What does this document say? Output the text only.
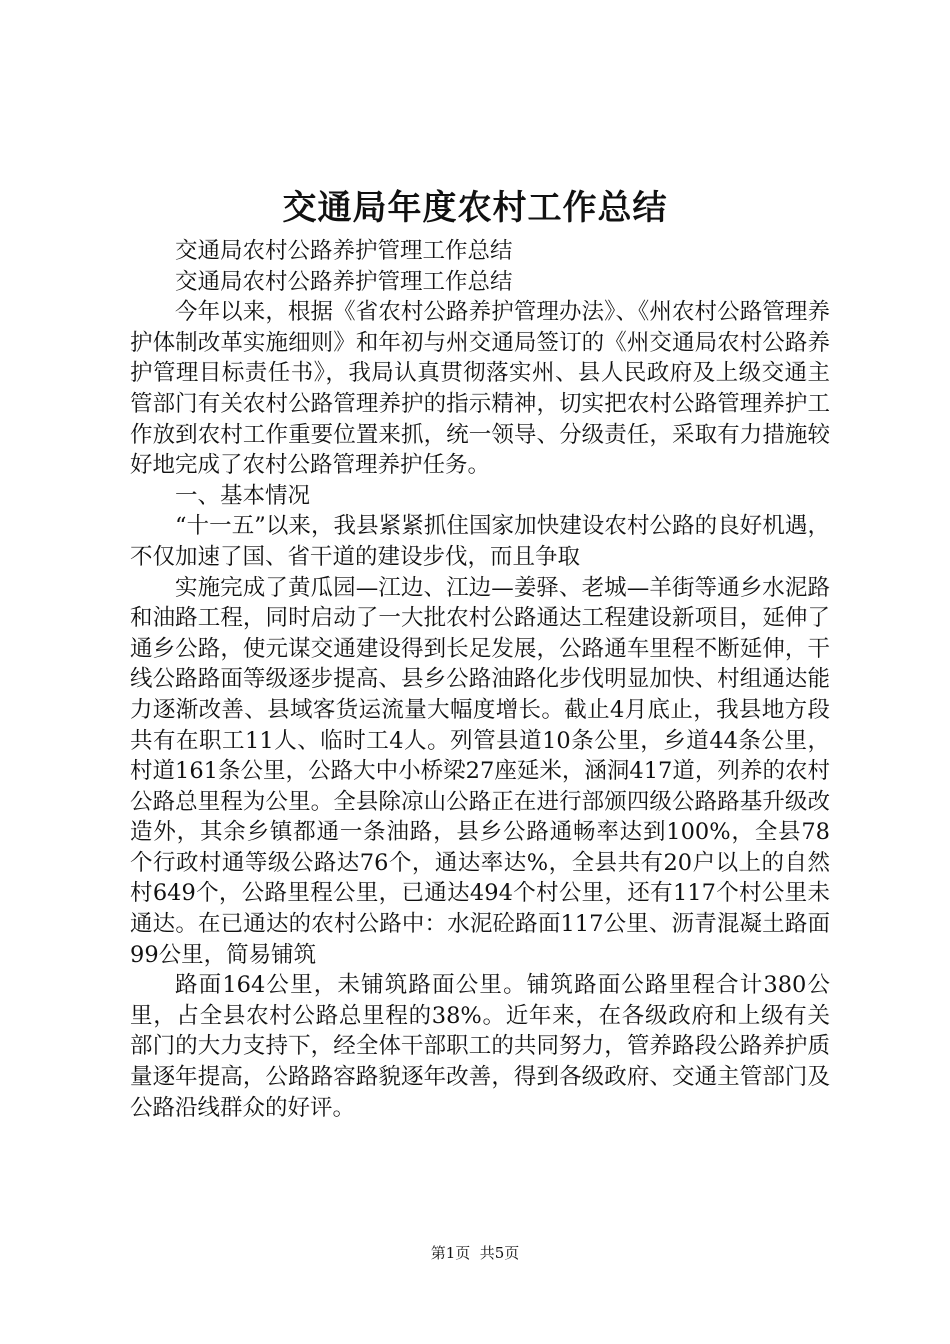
交通局年度农村工作总结

交通局农村公路养护管理工作总结

交通局农村公路养护管理工作总结

今年以来，根据《省农村公路养护管理办法》、《州农村公路管理养护体制改革实施细则》和年初与州交通局签订的《州交通局农村公路养护管理目标责任书》，我局认真贯彻落实州、县人民政府及上级交通主管部门有关农村公路管理养护的指示精神，切实把农村公路管理养护工作放到农村工作重要位置来抓，统一领导、分级责任，采取有力措施较好地完成了农村公路管理养护任务。

一、基本情况

“十一五”以来，我县紧紧抓住国家加快建设农村公路的良好机遇，不仅加速了国、省干道的建设步伐，而且争取

实施完成了黄瓜园—江边、江边—姜驿、老城—羊街等通乡水泥路和油路工程，同时启动了一大批农村公路通达工程建设新项目，延伸了通乡公路，使元谋交通建设得到长足发展，公路通车里程不断延伸，干线公路路面等级逐步提高、县乡公路油路化步伐明显加快、村组通达能力逐渐改善、县域客货运流量大幅度增长。截止4月底止，我县地方段共有在职工11人、临时工4人。列管县道10条公里，乡道44条公里，村道161条公里，公路大中小桥梁27座延米，涵洞417道，列养的农村公路总里程为公里。全县除凉山公路正在进行部颁四级公路路基升级改造外，其余乡镇都通一条油路，县乡公路通畅率达到100%，全县78个行政村通等级公路达76个，通达率达%，全县共有20户以上的自然村649个，公路里程公里，已通达494个村公里，还有117个村公里未通达。在已通达的农村公路中：水泥砼路面117公里、沥青混凝土路面99公里，简易铺筑

路面164公里，未铺筑路面公里。铺筑路面公路里程合计380公里，占全县农村公路总里程的38%。近年来，在各级政府和上级有关部门的大力支持下，经全体干部职工的共同努力，管养路段公路养护质量逐年提高，公路路容路貌逐年改善，得到各级政府、交通主管部门及公路沿线群众的好评。

第1页  共5页
